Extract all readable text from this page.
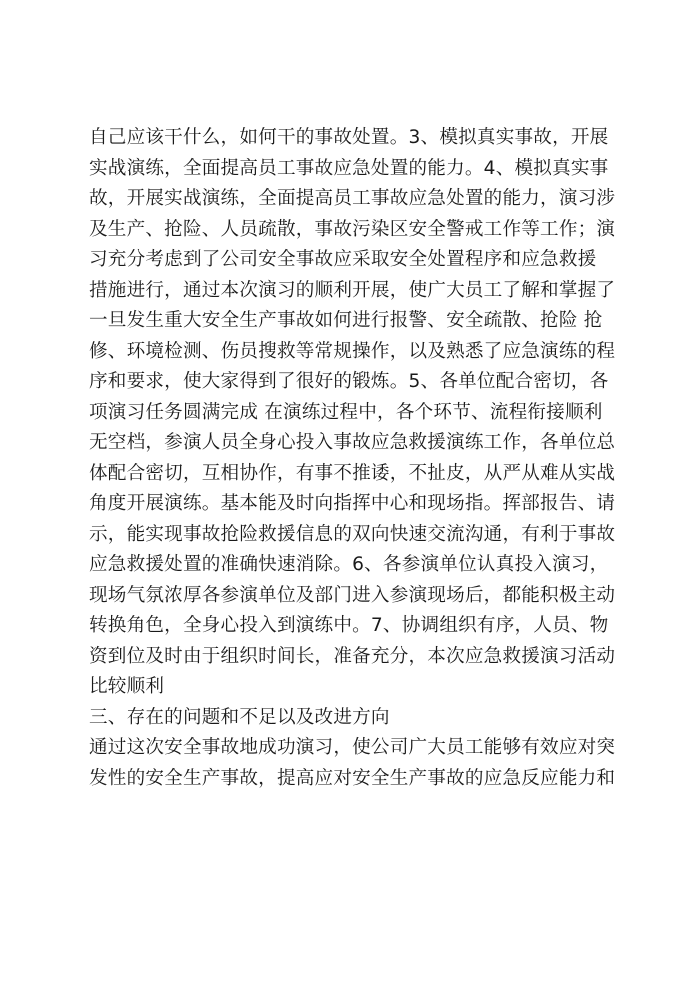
自己应该干什么，如何干的事故处置。3、模拟真实事故，开展
实战演练，全面提高员工事故应急处置的能力。4、模拟真实事
故，开展实战演练，全面提高员工事故应急处置的能力，演习涉
及生产、抢险、人员疏散，事故污染区安全警戒工作等工作；演
习充分考虑到了公司安全事故应采取安全处置程序和应急救援
措施进行，通过本次演习的顺利开展，使广大员工了解和掌握了
一旦发生重大安全生产事故如何进行报警、安全疏散、抢险 抢
修、环境检测、伤员搜救等常规操作，以及熟悉了应急演练的程
序和要求，使大家得到了很好的锻炼。5、各单位配合密切，各
项演习任务圆满完成 在演练过程中，各个环节、流程衔接顺利
无空档，参演人员全身心投入事故应急救援演练工作，各单位总
体配合密切，互相协作，有事不推诿，不扯皮，从严从难从实战
角度开展演练。基本能及时向指挥中心和现场指。挥部报告、请
示，能实现事故抢险救援信息的双向快速交流沟通，有利于事故
应急救援处置的准确快速消除。6、各参演单位认真投入演习，
现场气氛浓厚各参演单位及部门进入参演现场后，都能积极主动
转换角色，全身心投入到演练中。7、协调组织有序，人员、物
资到位及时由于组织时间长，准备充分，本次应急救援演习活动
比较顺利
三、存在的问题和不足以及改进方向
通过这次安全事故地成功演习，使公司广大员工能够有效应对突
发性的安全生产事故，提高应对安全生产事故的应急反应能力和
